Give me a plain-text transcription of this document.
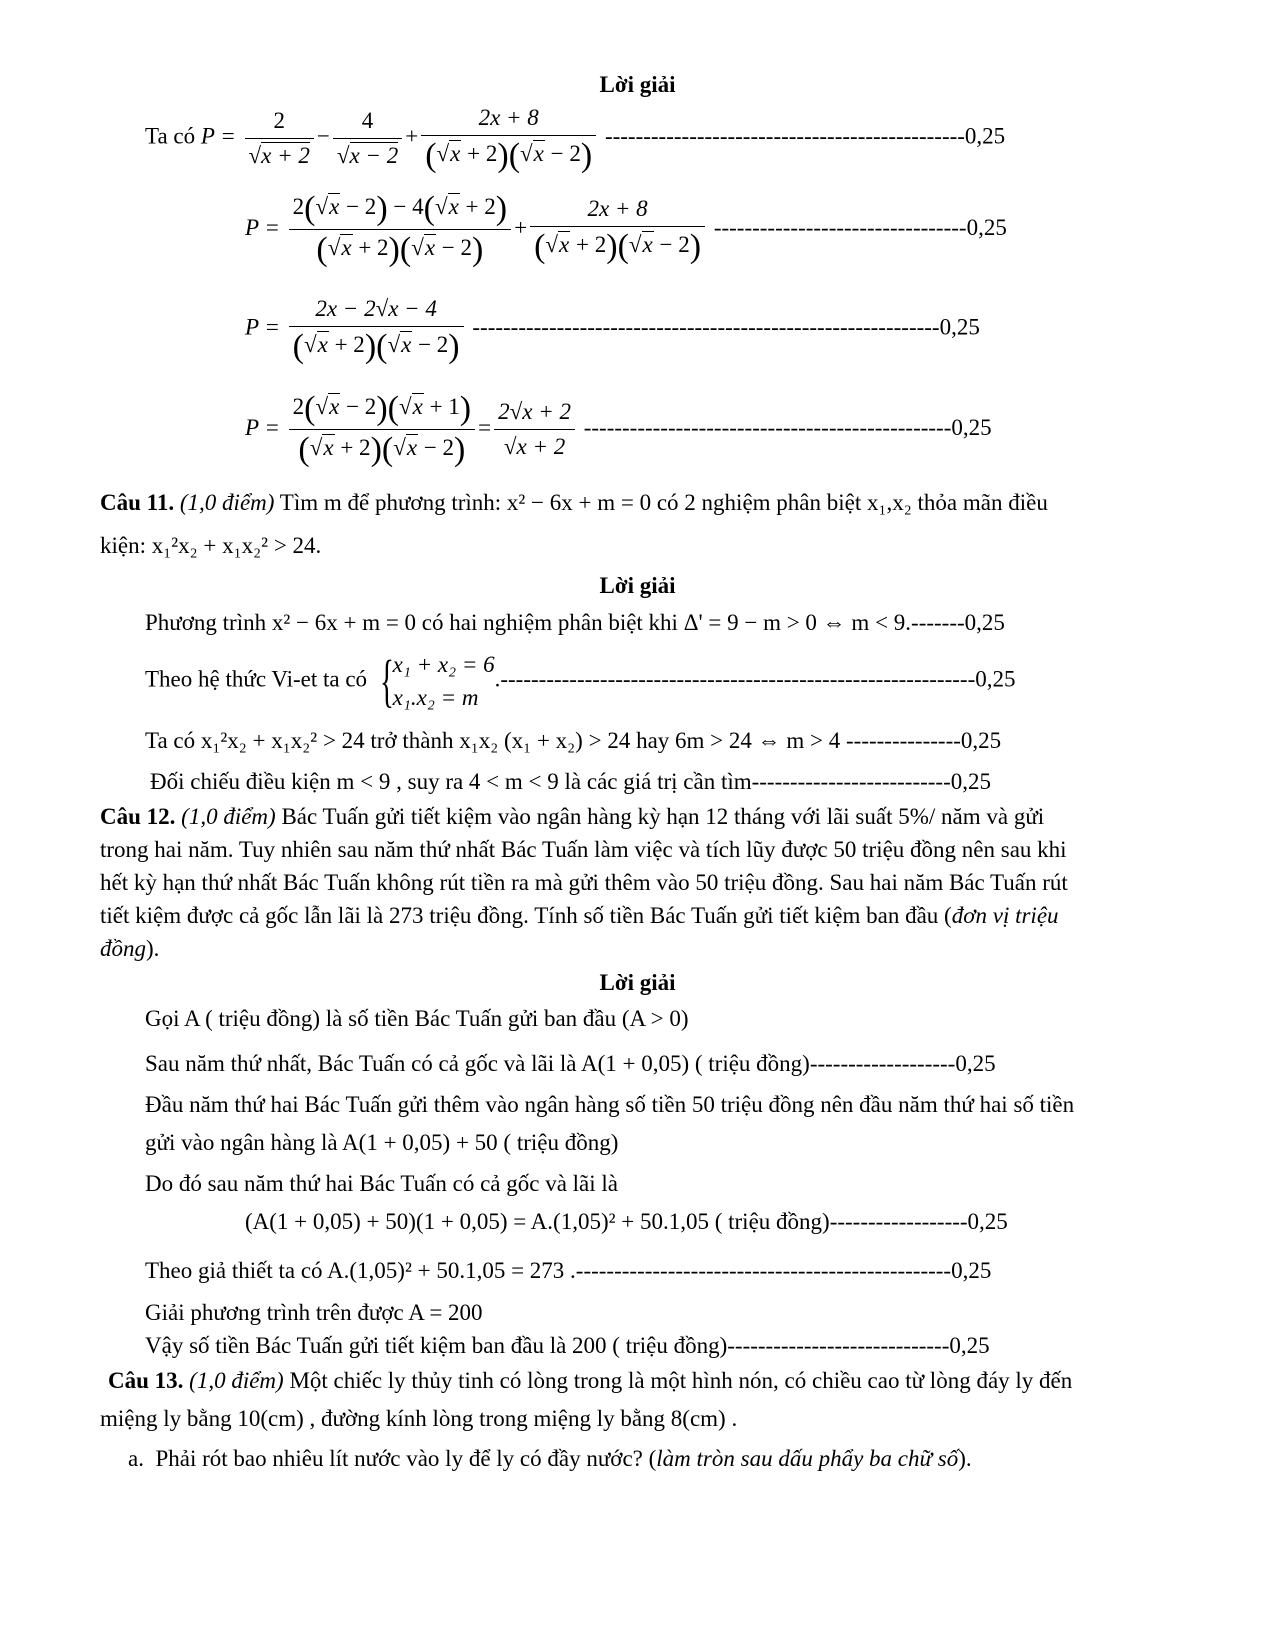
Lời giải
Ta có $P = \frac{2}{√x + 2} - \frac{4}{√x - 2} + \frac{2x + 8}{( √ x + 2)( √ x - 2)} -----------------------------------------------0,25$
$P = \frac{2( √ x - 2) - 4( √ x + 2)}{( √ x + 2)( √ x - 2)} + \frac{2x + 8}{( √ x + 2)( √ x - 2)} ---------------------------------0,25$
$P = \frac{2x - 2√x - 4}{( √ x + 2)( √ x - 2)} -------------------------------------------------------------0,25$
$P = \frac{2( √ x - 2)( √ x + 1)}{( √ x + 2)( √ x - 2)} = \frac{2√x + 2}{√x + 2} ------------------------------------------------0,25$
Câu 11. (1,0 điểm) Tìm m để phương trình: x² − 6x + m = 0 có 2 nghiệm phân biệt x₁,x₂ thỏa mãn điều
kiện: x₁²x₂ + x₁x₂² > 24.
Lời giải
Phương trình x² − 6x + m = 0 có hai nghiệm phân biệt khi Δ' = 9 − m > 0 ⇔ m < 9.-------0,25
Theo hệ thức Vi-et ta có {
x₁ + x₂ = 6
x₁.x₂ = m
.--------------------------------------------------------------0,25
Ta có x₁²x₂ + x₁x₂² > 24 trở thành x₁x₂ (x₁ + x₂) > 24 hay 6m > 24 ⇔ m > 4 ---------------0,25
Đối chiếu điều kiện m < 9 , suy ra 4 < m < 9 là các giá trị cần tìm--------------------------0,25
Câu 12. (1,0 điểm) Bác Tuấn gửi tiết kiệm vào ngân hàng kỳ hạn 12 tháng với lãi suất 5%/ năm và gửi
trong hai năm. Tuy nhiên sau năm thứ nhất Bác Tuấn làm việc và tích lũy được 50 triệu đồng nên sau khi
hết kỳ hạn thứ nhất Bác Tuấn không rút tiền ra mà gửi thêm vào 50 triệu đồng. Sau hai năm Bác Tuấn rút
tiết kiệm được cả gốc lẫn lãi là 273 triệu đồng. Tính số tiền Bác Tuấn gửi tiết kiệm ban đầu (đơn vị triệu
đồng).
Lời giải
Gọi A ( triệu đồng) là số tiền Bác Tuấn gửi ban đầu (A > 0)
Sau năm thứ nhất, Bác Tuấn có cả gốc và lãi là A(1 + 0,05) ( triệu đồng)-------------------0,25
Đầu năm thứ hai Bác Tuấn gửi thêm vào ngân hàng số tiền 50 triệu đồng nên đầu năm thứ hai số tiền
gửi vào ngân hàng là A(1 + 0,05) + 50 ( triệu đồng)
Do đó sau năm thứ hai Bác Tuấn có cả gốc và lãi là
(A(1 + 0,05) + 50)(1 + 0,05) = A.(1,05)² + 50.1,05 ( triệu đồng)------------------0,25
Theo giả thiết ta có A.(1,05)² + 50.1,05 = 273 .-------------------------------------------------0,25
Giải phương trình trên được A = 200
Vậy số tiền Bác Tuấn gửi tiết kiệm ban đầu là 200 ( triệu đồng)-----------------------------0,25
Câu 13. (1,0 điểm) Một chiếc ly thủy tinh có lòng trong là một hình nón, có chiều cao từ lòng đáy ly đến
miệng ly bằng 10(cm) , đường kính lòng trong miệng ly bằng 8(cm) .
a. Phải rót bao nhiêu lít nước vào ly để ly có đầy nước? (làm tròn sau dấu phẩy ba chữ số).
